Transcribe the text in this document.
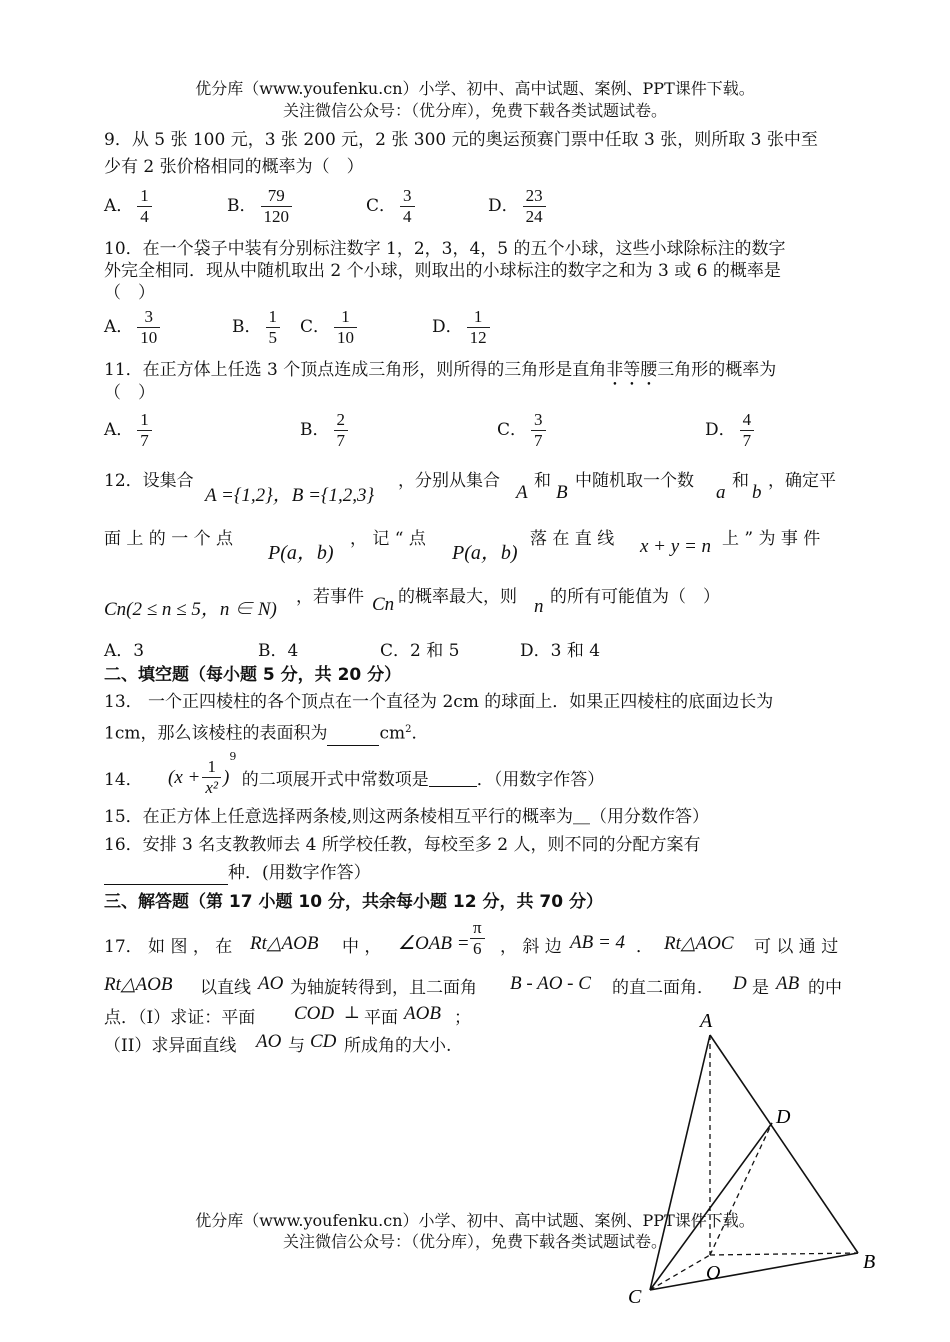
优分库（www.youfenku.cn）小学、初中、高中试题、案例、PPT课件下载。
关注微信公众号：（优分库），免费下载各类试题试卷。
9．从 5 张 100 元，3 张 200 元，2 张 300 元的奥运预赛门票中任取 3 张，则所取 3 张中至
少有 2 张价格相同的概率为（　）
A． $\frac{1}{4}$	B． $\frac{79}{120}$	C． $\frac{3}{4}$	D． $\frac{23}{24}$
10．在一个袋子中装有分别标注数字 1，2，3，4，5 的五个小球，这些小球除标注的数字
外完全相同．现从中随机取出 2 个小球，则取出的小球标注的数字之和为 3 或 6 的概率是
（　）
A． $\frac{3}{10}$	B． $\frac{1}{5}$ C． $\frac{1}{10}$	D． $\frac{1}{12}$
11．在正方体上任选 3 个顶点连成三角形，则所得的三角形是直角非等腰三角形的概率为
（　）
A． $\frac{1}{7}$	B． $\frac{2}{7}$	C． $\frac{3}{7}$	D． $\frac{4}{7}$
12．设集合
A ={1,2}，B ={1,2,3}
，分别从集合
A
和
B
中随机取一个数
a
和
b
，确定平
面 上 的 一 个 点
P(a，b)
， 记 “ 点
P(a，b)
落 在 直 线 x + y = n 上 ” 为 事 件
Cn(2 ≤ n ≤ 5，n ∈ N)
，若事件 Cn 的概率最大，则 n 的所有可能值为（　）
A．3	B．4	C．2 和 5	D．3 和 4
二、填空题（每小题 5 分，共 20 分）
13． 一个正四棱柱的各个顶点在一个直径为 2cm 的球面上．如果正四棱柱的底面边长为
1cm，那么该棱柱的表面积为	$cm^2$．
14． $(x + \frac{1}{\text{x²}} )^9$ 的二项展开式中常数项是	．（用数字作答）
15．在正方体上任意选择两条棱,则这两条棱相互平行的概率为＿（用分数作答）
16．安排 3 名支教教师去 4 所学校任教，每校至多 2 人，则不同的分配方案有
种．(用数字作答）
三、解答题（第 17 小题 10 分，共余每小题 12 分，共 70 分）
17． 如 图 ， 在 Rt△AOB 中 ， ∠OAB = $\frac{\pi}{6}$ ， 斜 边 AB = 4 ． Rt△AOC 可 以 通 过
Rt△AOB 以直线 AO 为轴旋转得到，且二面角 B - AO - C 的直二面角． D 是 AB 的中
点．（I）求证：平面 COD ⊥ 平面 AOB ；
（II）求异面直线 AO 与 CD 所成角的大小.
A
D
B
O
C
优分库（www.youfenku.cn）小学、初中、高中试题、案例、PPT课件下载。
关注微信公众号：（优分库），免费下载各类试题试卷。
